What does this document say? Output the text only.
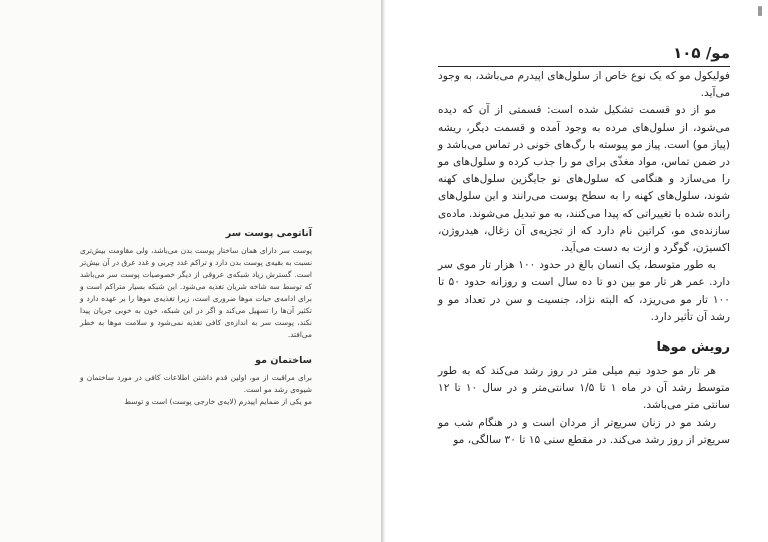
آناتومی پوست سر

پوست سر دارای همان ساختار پوست بدن می‌باشد، ولی مقاومت بیش‌تری نسبت به بقیه‌ی پوست بدن دارد و تراکم غدد چربی و غدد عرق در آن بیش‌تر است. گسترش زیاد شبکه‌ی عروقی از دیگر خصوصیات پوست سر می‌باشد که توسط سه شاخه شریان تغذیه می‌شود. این شبکه بسیار متراکم است و برای ادامه‌ی حیات موها ضروری است، زیرا تغذیه‌ی موها را بر عهده دارد و تکثیر آن‌ها را تسهیل می‌کند و اگر در این شبکه، خون به خوبی جریان پیدا نکند، پوست سر به اندازه‌ی کافی تغذیه نمی‌شود و سلامت موها به خطر می‌افتد.

ساختمان مو

برای مراقبت از مو، اولین قدم داشتن اطلاعات کافی در مورد ساختمان و شیوه‌ی رشد مو است.

مو یکی از ضمایم اپیدرم (لایه‌ی خارجی پوست) است و توسط

مو/ ۱۰۵

فولیکول مو که یک نوع خاص از سلول‌های اپیدرم می‌باشد، به وجود می‌آید.

مو از دو قسمت تشکیل شده است: قسمتی از آن که دیده می‌شود، از سلول‌های مرده به وجود آمده و قسمت دیگر، ریشه (پیاز مو) است. پیاز مو پیوسته با رگ‌های خونی در تماس می‌باشد و در ضمن تماس، مواد مغذّی برای مو را جذب کرده و سلول‌های مو را می‌سازد و هنگامی که سلول‌های نو جایگزین سلول‌های کهنه شوند، سلول‌های کهنه را به سطح پوست می‌رانند و این سلول‌های رانده شده با تغییراتی که پیدا می‌کنند، به مو تبدیل می‌شوند. ماده‌ی سازنده‌ی مو، کراتین نام دارد که از تجزیه‌ی آن زغال، هیدروژن، اکسیژن، گوگرد و ازت به دست می‌آید.

به طور متوسط، یک انسان بالغ در حدود ۱۰۰ هزار تار موی سر دارد. عمر هر تار مو بین دو تا ده سال است و روزانه حدود ۵۰ تا ۱۰۰ تار مو می‌ریزد، که البته نژاد، جنسیت و سن در تعداد مو و رشد آن تأثیر دارد.

رویش موها

هر تار مو حدود نیم میلی متر در روز رشد می‌کند که به طور متوسط رشد آن در ماه ۱ تا ۱/۵ سانتی‌متر و در سال ۱۰ تا ۱۲ سانتی متر می‌باشد.

رشد مو در زنان سریع‌تر از مردان است و در هنگام شب مو سریع‌تر از روز رشد می‌کند. در مقطع سنی ۱۵ تا ۳۰ سالگی، مو
